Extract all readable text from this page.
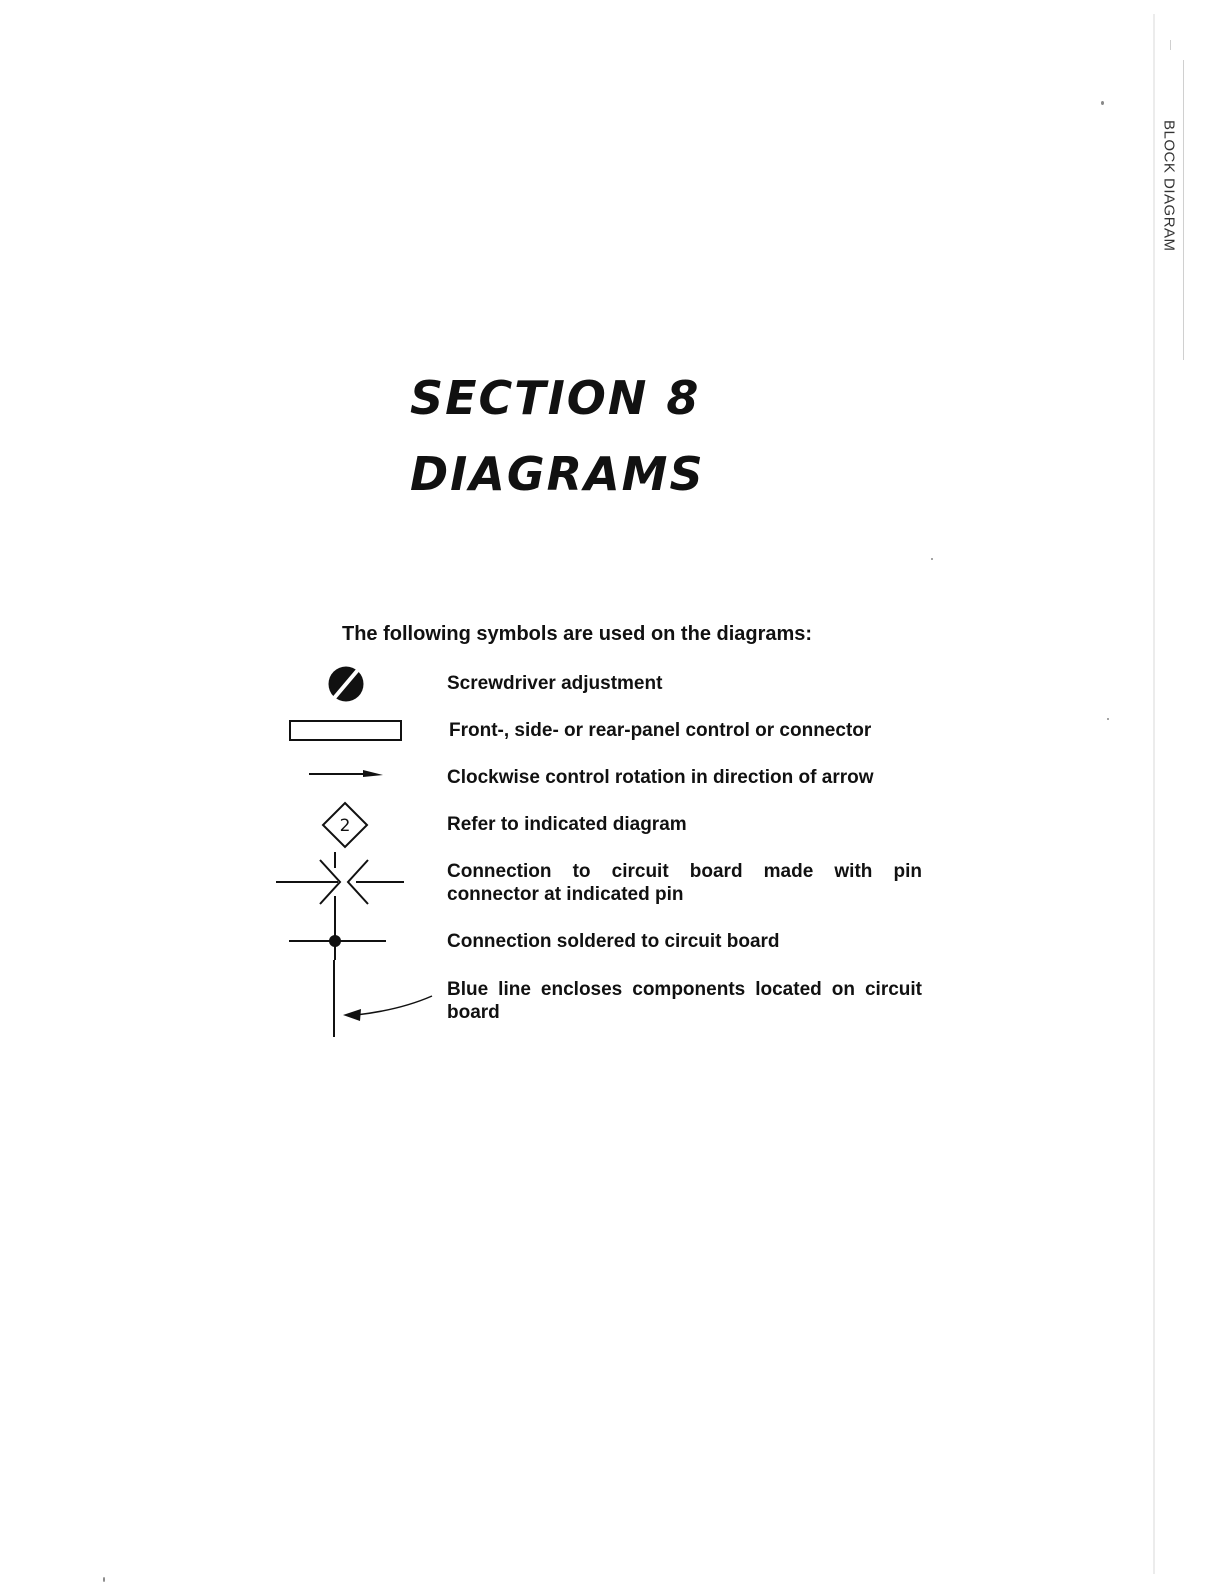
BLOCK DIAGRAM
SECTION 8
DIAGRAMS
The following symbols are used on the diagrams:
2
Screwdriver adjustment
Front-, side- or rear-panel control or connector
Clockwise control rotation in direction of arrow
Refer to indicated diagram
Connection to circuit board made with pin connector at indicated pin
Connection soldered to circuit board
Blue line encloses components located on circuit board
